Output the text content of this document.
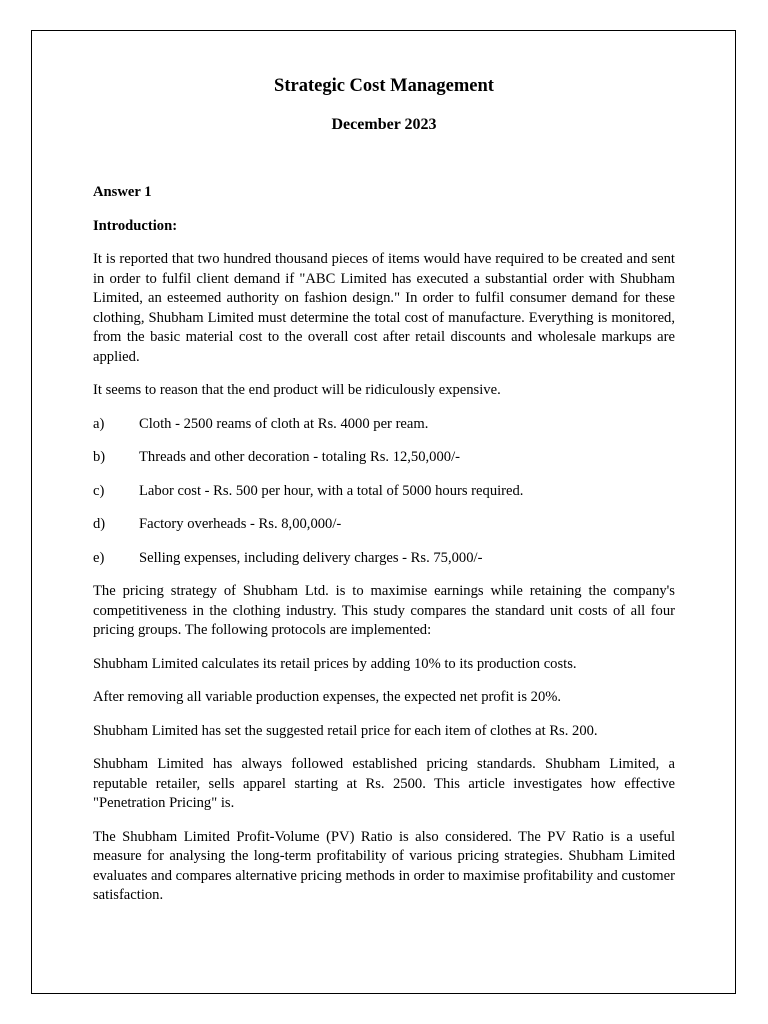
Strategic Cost Management
December 2023
Answer 1
Introduction:

It is reported that two hundred thousand pieces of items would have required to be created and sent in order to fulfil client demand if "ABC Limited has executed a substantial order with Shubham Limited, an esteemed authority on fashion design." In order to fulfil consumer demand for these clothing, Shubham Limited must determine the total cost of manufacture. Everything is monitored, from the basic material cost to the overall cost after retail discounts and wholesale markups are applied.

It seems to reason that the end product will be ridiculously expensive.

a)	Cloth - 2500 reams of cloth at Rs. 4000 per ream.
b)	Threads and other decoration - totaling Rs. 12,50,000/-
c)	Labor cost - Rs. 500 per hour, with a total of 5000 hours required.
d)	Factory overheads - Rs. 8,00,000/-
e)	Selling expenses, including delivery charges - Rs. 75,000/-

The pricing strategy of Shubham Ltd. is to maximise earnings while retaining the company's competitiveness in the clothing industry. This study compares the standard unit costs of all four pricing groups. The following protocols are implemented:

Shubham Limited calculates its retail prices by adding 10% to its production costs.

After removing all variable production expenses, the expected net profit is 20%.

Shubham Limited has set the suggested retail price for each item of clothes at Rs. 200.

Shubham Limited has always followed established pricing standards. Shubham Limited, a reputable retailer, sells apparel starting at Rs. 2500. This article investigates how effective "Penetration Pricing" is.

The Shubham Limited Profit-Volume (PV) Ratio is also considered. The PV Ratio is a useful measure for analysing the long-term profitability of various pricing strategies. Shubham Limited evaluates and compares alternative pricing methods in order to maximise profitability and customer satisfaction.
